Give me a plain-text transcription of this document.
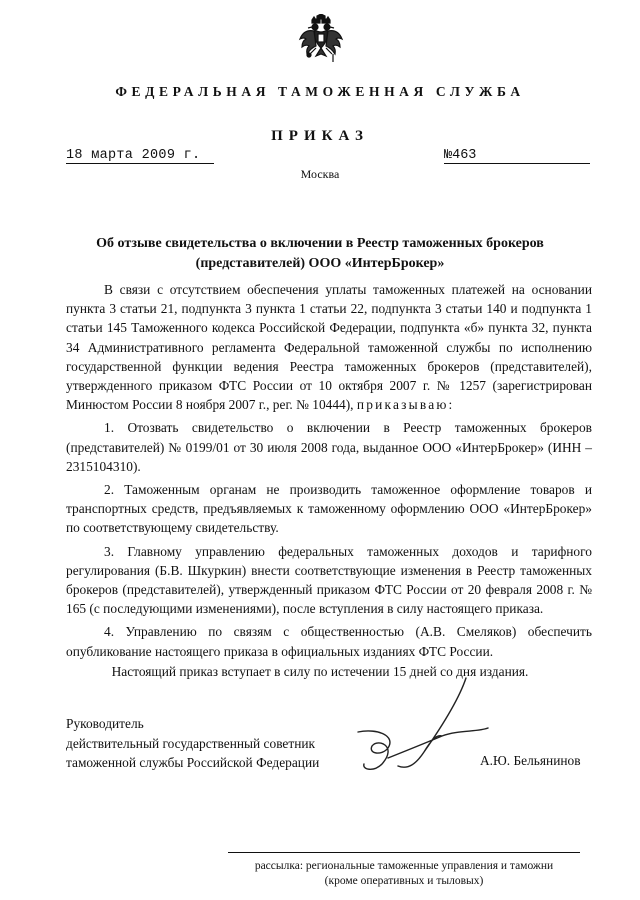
ФЕДЕРАЛЬНАЯ ТАМОЖЕННАЯ СЛУЖБА
ПРИКАЗ
18 марта 2009 г.	№463
Москва
Об отзыве свидетельства о включении в Реестр таможенных брокеров
(представителей) ООО «ИнтерБрокер»

В связи с отсутствием обеспечения уплаты таможенных платежей на основании пункта 3 статьи 21, подпункта 3 пункта 1 статьи 22, подпункта 3 статьи 140 и подпункта 1 статьи 145 Таможенного кодекса Российской Федерации, подпункта «б» пункта 32, пункта 34 Административного регламента Федеральной таможенной службы по исполнению государственной функции ведения Реестра таможенных брокеров (представителей), утвержденного приказом ФТС России от 10 октября 2007 г. № 1257 (зарегистрирован Минюстом России 8 ноября 2007 г., рег. № 10444), приказываю:

1. Отозвать свидетельство о включении в Реестр таможенных брокеров (представителей) № 0199/01 от 30 июля 2008 года, выданное ООО «ИнтерБрокер» (ИНН – 2315104310).

2. Таможенным органам не производить таможенное оформление товаров и транспортных средств, предъявляемых к таможенному оформлению ООО «ИнтерБрокер» по соответствующему свидетельству.

3. Главному управлению федеральных таможенных доходов и тарифного регулирования (Б.В. Шкуркин) внести соответствующие изменения в Реестр таможенных брокеров (представителей), утвержденный приказом ФТС России от 20 февраля 2008 г. № 165 (с последующими изменениями), после вступления в силу настоящего приказа.

4. Управлению по связям с общественностью (А.В. Смеляков) обеспечить опубликование настоящего приказа в официальных изданиях ФТС России.

Настоящий приказ вступает в силу по истечении 15 дней со дня издания.
Руководитель
действительный государственный советник
таможенной службы Российской Федерации	А.Ю. Бельянинов
рассылка: региональные таможенные управления и таможни
(кроме оперативных и тыловых)
